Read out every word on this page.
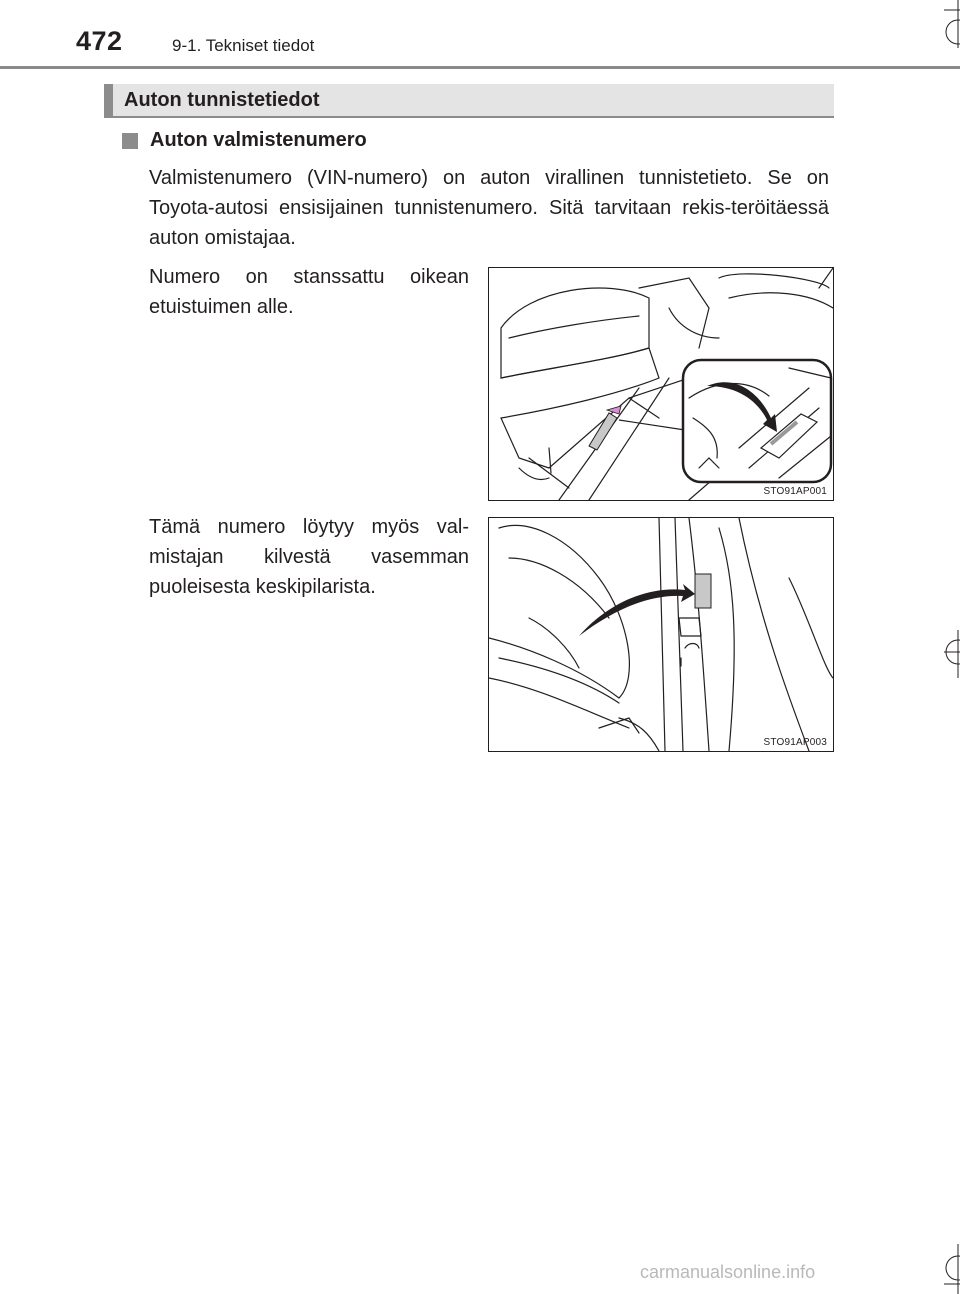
472	9-1. Tekniset tiedot
Auton tunnistetiedot
Auton valmistenumero
Valmistenumero (VIN-numero) on auton virallinen tunnistetieto. Se on Toyota-autosi ensisijainen tunnistenumero. Sitä tarvitaan rekis-teröitäessä auton omistajaa.
Numero on stanssattu oikean etuistuimen alle.
STO91AP001
Tämä numero löytyy myös val-mistajan kilvestä vasemman puoleisesta keskipilarista.
STO91AP003
carmanualsonline.info
